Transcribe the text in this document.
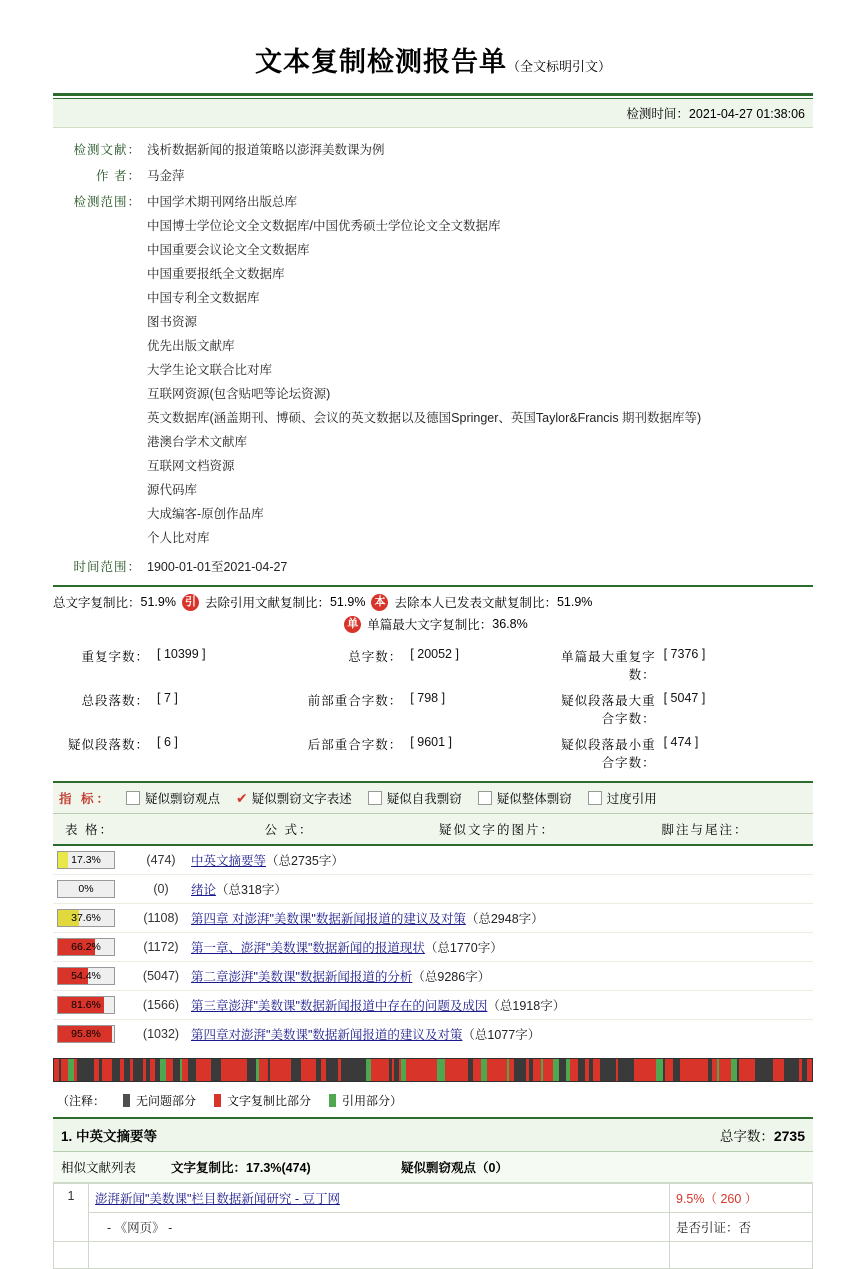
文本复制检测报告单（全文标明引文）
检测时间：2021-04-27 01:38:06
检测文献： 浅析数据新闻的报道策略以澎湃美数课为例
作 者： 马金萍
检测范围： 中国学术期刊网络出版总库
中国博士学位论文全文数据库/中国优秀硕士学位论文全文数据库
中国重要会议论文全文数据库
中国重要报纸全文数据库
中国专利全文数据库
图书资源
优先出版文献库
大学生论文联合比对库
互联网资源(包含贴吧等论坛资源)
英文数据库(涵盖期刊、博硕、会议的英文数据以及德国Springer、英国Taylor&Francis 期刊数据库等)
港澳台学术文献库
互联网文档资源
源代码库
大成编客-原创作品库
个人比对库
时间范围： 1900-01-01至2021-04-27
总文字复制比： 51.9% 引 去除引用文献复制比： 51.9% 本 去除本人已发表文献复制比： 51.9%
单 单篇最大文字复制比： 36.8%
重复字数： [ 10399 ]	总字数： [ 20052 ]	单篇最大重复字数：
[ 7376 ]
总段落数： [ 7 ]	前部重合字数： [ 798 ]	疑似段落最大重合字数：
[ 5047 ]
疑似段落数： [ 6 ]	后部重合字数： [ 9601 ]	疑似段落最小重合字数：
[ 474 ]
指 标：	疑似剽窃观点 ✔ 疑似剽窃文字表述	疑似自我剽窃	疑似整体剽窃	过度引用
表 格：	公 式：	疑似文字的图片：	脚注与尾注：
17.3%	(474)	中英文摘要等（总2735字）
0%	(0)	绪论（总318字）
37.6%	(1108) 第四章 对澎湃"美数课"数据新闻报道的建议及对策（总2948字）
66.2%	(1172) 第一章、澎湃"美数课"数据新闻的报道现状（总1770字）
54.4%	(5047) 第二章澎湃"美数课"数据新闻报道的分析（总9286字）
81.6%	(1566) 第三章澎湃"美数课"数据新闻报道中存在的问题及成因（总1918字）
95.8%	(1032) 第四章对澎湃"美数课"数据新闻报道的建议及对策（总1077字）
（注释：	无问题部分	文字复制比部分	引用部分 ）
1. 中英文摘要等	总字数：2735
相似文献列表	文字复制比：17.3%(474)	疑似剽窃观点（0）
1	澎湃新闻"美数课"栏目数据新闻研究 - 豆丁网	9.5%（ 260 ）
	- 《网页》 -	是否引证：否
